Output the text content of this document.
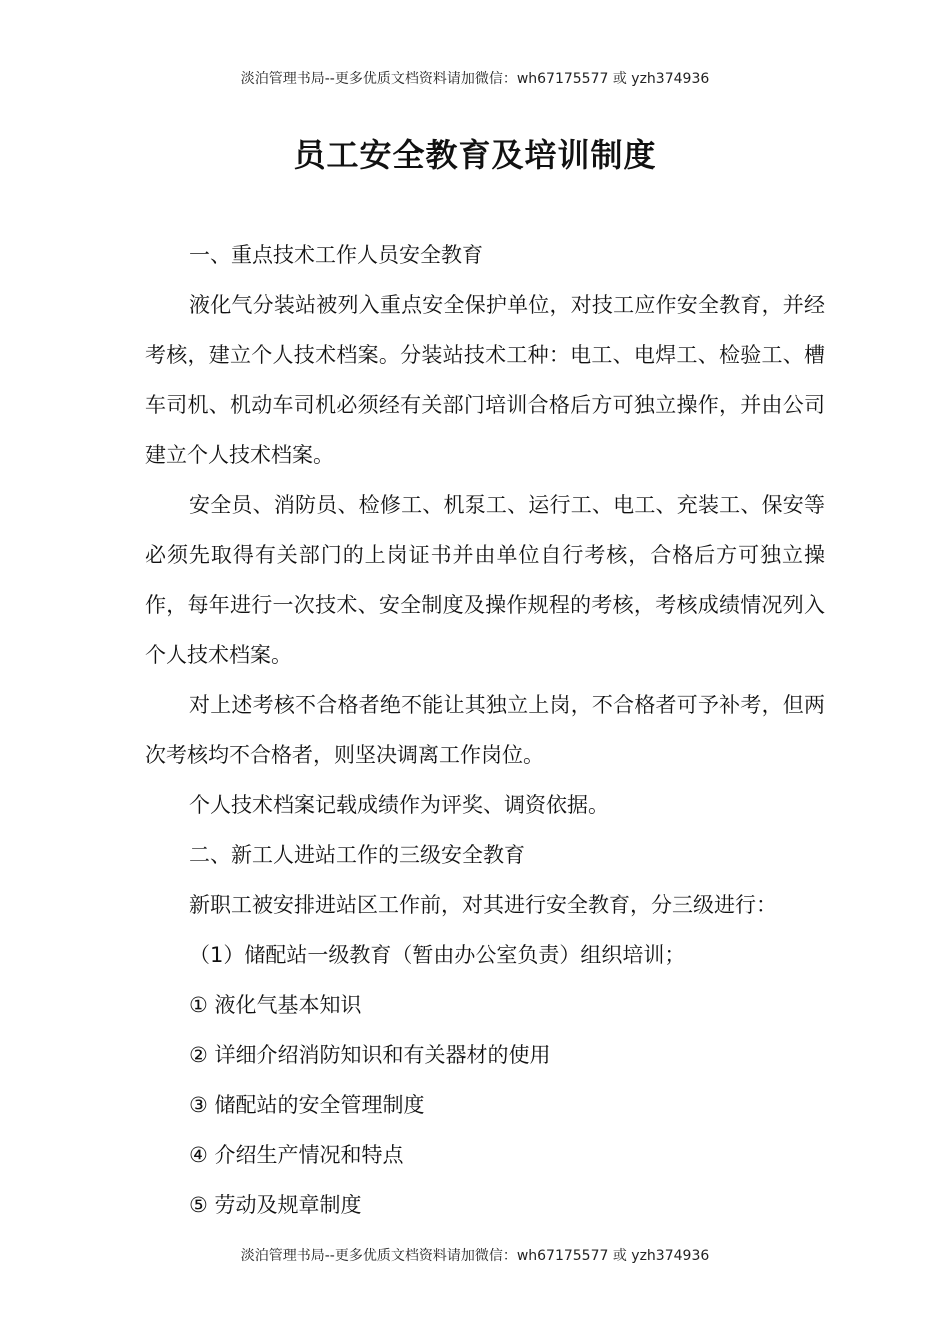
淡泊管理书局--更多优质文档资料请加微信：wh67175577 或 yzh374936
员工安全教育及培训制度

一、重点技术工作人员安全教育

液化气分装站被列入重点安全保护单位，对技工应作安全教育，并经考核，建立个人技术档案。分装站技术工种：电工、电焊工、检验工、槽车司机、机动车司机必须经有关部门培训合格后方可独立操作，并由公司建立个人技术档案。

安全员、消防员、检修工、机泵工、运行工、电工、充装工、保安等必须先取得有关部门的上岗证书并由单位自行考核，合格后方可独立操作，每年进行一次技术、安全制度及操作规程的考核，考核成绩情况列入个人技术档案。

对上述考核不合格者绝不能让其独立上岗，不合格者可予补考，但两次考核均不合格者，则坚决调离工作岗位。

个人技术档案记载成绩作为评奖、调资依据。

二、新工人进站工作的三级安全教育

新职工被安排进站区工作前，对其进行安全教育，分三级进行：

（1）储配站一级教育（暂由办公室负责）组织培训；

① 液化气基本知识

② 详细介绍消防知识和有关器材的使用

③ 储配站的安全管理制度

④ 介绍生产情况和特点

⑤ 劳动及规章制度

淡泊管理书局--更多优质文档资料请加微信：wh67175577 或 yzh374936
